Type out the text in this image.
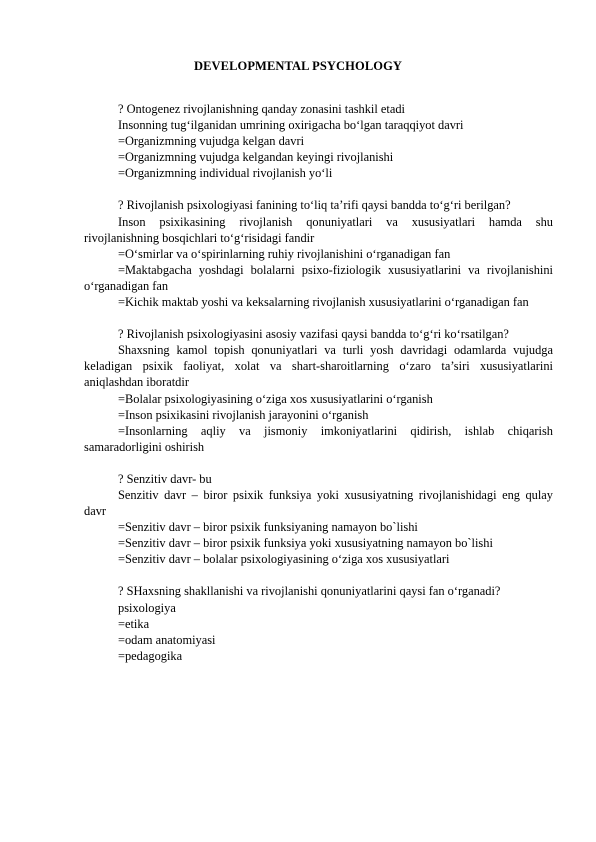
DEVELOPMENTAL PSYCHOLOGY

? Ontogenez rivojlanishning qanday zonasini tashkil etadi

Insonning tug‘ilganidan umrining oxirigacha bo‘lgan taraqqiyot davri

=Organizmning vujudga kelgan davri

=Organizmning vujudga kelgandan keyingi rivojlanishi

=Organizmning individual rivojlanish yo‘li

? Rivojlanish psixologiyasi fanining to‘liq ta’rifi qaysi bandda to‘g‘ri berilgan?

Inson psixikasining rivojlanish qonuniyatlari va xususiyatlari hamda shu rivojlanishning bosqichlari to‘g‘risidagi fandir

=O‘smirlar va o‘spirinlarning ruhiy rivojlanishini o‘rganadigan fan

=Maktabgacha yoshdagi bolalarni psixo-fiziologik xususiyatlarini va rivojlanishini o‘rganadigan fan

=Kichik maktab yoshi va keksalarning rivojlanish xususiyatlarini o‘rganadigan fan

? Rivojlanish psixologiyasini asosiy vazifasi qaysi bandda to‘g‘ri ko‘rsatilgan?

Shaxsning kamol topish qonuniyatlari va turli yosh davridagi odamlarda vujudga keladigan psixik faoliyat, xolat va shart-sharoitlarning o‘zaro ta’siri xususiyatlarini aniqlashdan iboratdir

=Bolalar psixologiyasining o‘ziga xos xususiyatlarini o‘rganish

=Inson psixikasini rivojlanish jarayonini o‘rganish

=Insonlarning aqliy va jismoniy imkoniyatlarini qidirish, ishlab chiqarish samaradorligini oshirish

? Senzitiv davr- bu

Senzitiv davr – biror psixik funksiya yoki xususiyatning rivojlanishidagi eng qulay davr

=Senzitiv davr – biror psixik funksiyaning namayon bo`lishi

=Senzitiv davr – biror psixik funksiya yoki xususiyatning namayon bo`lishi

=Senzitiv davr – bolalar psixologiyasining o‘ziga xos xususiyatlari

? SHaxsning shakllanishi va rivojlanishi qonuniyatlarini qaysi fan o‘rganadi?

psixologiya

=etika

=odam anatomiyasi

=pedagogika
